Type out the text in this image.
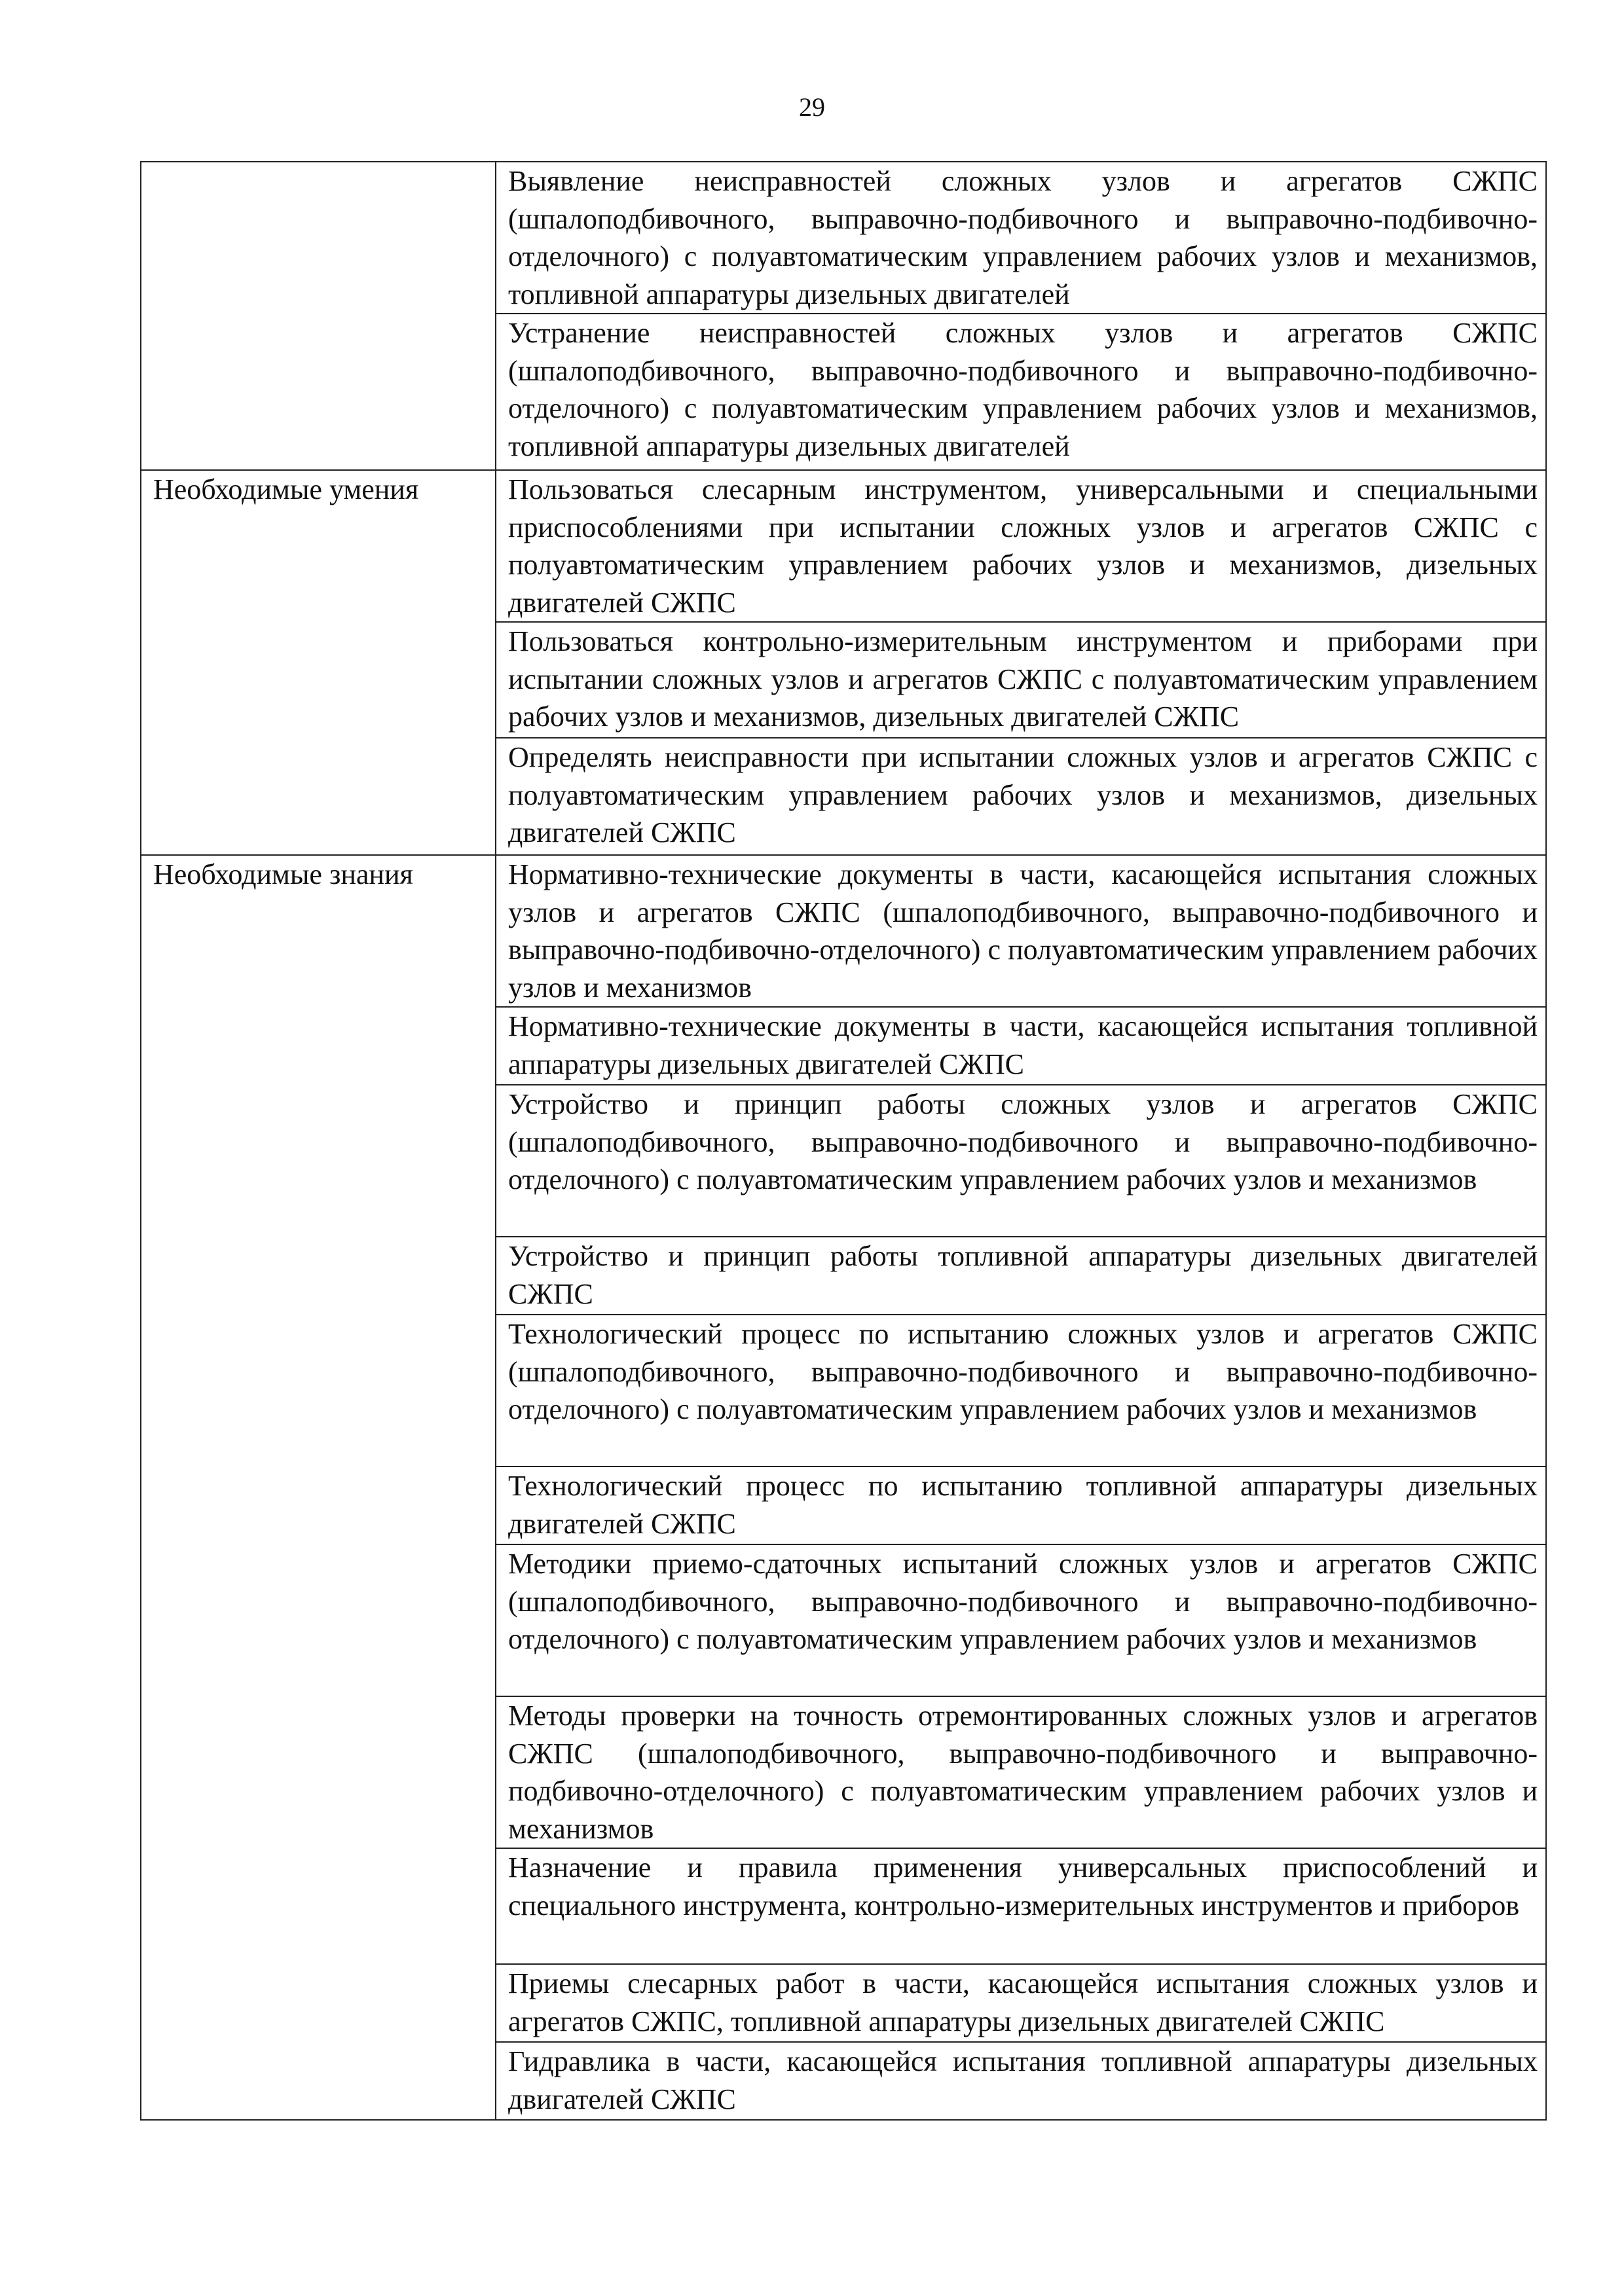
29
	Выявление неисправностей сложных узлов и агрегатов СЖПС (шпалоподбивочного, выправочно-подбивочного и выправочно-подбивочно-отделочного) с полуавтоматическим управлением рабочих узлов и механизмов, топливной аппаратуры дизельных двигателей
	Устранение неисправностей сложных узлов и агрегатов СЖПС (шпалоподбивочного, выправочно-подбивочного и выправочно-подбивочно-отделочного) с полуавтоматическим управлением рабочих узлов и механизмов, топливной аппаратуры дизельных двигателей
Необходимые умения	Пользоваться слесарным инструментом, универсальными и специальными приспособлениями при испытании сложных узлов и агрегатов СЖПС с полуавтоматическим управлением рабочих узлов и механизмов, дизельных двигателей СЖПС
	Пользоваться контрольно-измерительным инструментом и приборами при испытании сложных узлов и агрегатов СЖПС с полуавтоматическим управлением рабочих узлов и механизмов, дизельных двигателей СЖПС
	Определять неисправности при испытании сложных узлов и агрегатов СЖПС с полуавтоматическим управлением рабочих узлов и механизмов, дизельных двигателей СЖПС
Необходимые знания	Нормативно-технические документы в части, касающейся испытания сложных узлов и агрегатов СЖПС (шпалоподбивочного, выправочно-подбивочного и выправочно-подбивочно-отделочного) с полуавтоматическим управлением рабочих узлов и механизмов
	Нормативно-технические документы в части, касающейся испытания топливной аппаратуры дизельных двигателей СЖПС
	Устройство и принцип работы сложных узлов и агрегатов СЖПС (шпалоподбивочного, выправочно-подбивочного и выправочно-подбивочно-отделочного) с полуавтоматическим управлением рабочих узлов и механизмов
	Устройство и принцип работы топливной аппаратуры дизельных двигателей СЖПС
	Технологический процесс по испытанию сложных узлов и агрегатов СЖПС (шпалоподбивочного, выправочно-подбивочного и выправочно-подбивочно-отделочного) с полуавтоматическим управлением рабочих узлов и механизмов
	Технологический процесс по испытанию топливной аппаратуры дизельных двигателей СЖПС
	Методики приемо-сдаточных испытаний сложных узлов и агрегатов СЖПС (шпалоподбивочного, выправочно-подбивочного и выправочно-подбивочно-отделочного) с полуавтоматическим управлением рабочих узлов и механизмов
	Методы проверки на точность отремонтированных сложных узлов и агрегатов СЖПС (шпалоподбивочного, выправочно-подбивочного и выправочно-подбивочно-отделочного) с полуавтоматическим управлением рабочих узлов и механизмов
	Назначение и правила применения универсальных приспособлений и специального инструмента, контрольно-измерительных инструментов и приборов
	Приемы слесарных работ в части, касающейся испытания сложных узлов и агрегатов СЖПС, топливной аппаратуры дизельных двигателей СЖПС
	Гидравлика в части, касающейся испытания топливной аппаратуры дизельных двигателей СЖПС
